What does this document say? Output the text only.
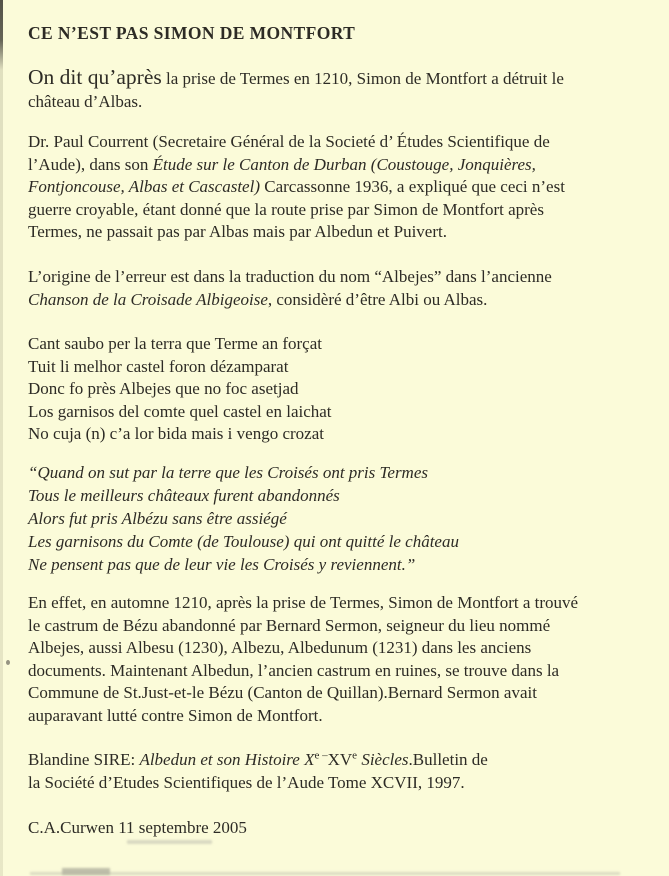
CE N’EST PAS SIMON DE MONTFORT
On dit qu’après la prise de Termes en 1210, Simon de Montfort a détruit le
château d’Albas.
Dr. Paul Courrent (Secretaire Général de la Societé d’ Études Scientifique de
l’Aude), dans son Étude sur le Canton de Durban (Coustouge, Jonquières,
Fontjoncouse, Albas et Cascastel) Carcassonne 1936, a expliqué que ceci n’est
guerre croyable, étant donné que la route prise par Simon de Montfort après
Termes, ne passait pas par Albas mais par Albedun et Puivert.
L’origine de l’erreur est dans la traduction du nom “Albejes” dans l’ancienne
Chanson de la Croisade Albigeoise, considèré d’être Albi ou Albas.
Cant saubo per la terra que Terme an forçat
Tuit li melhor castel foron dézamparat
Donc fo près Albejes que no foc asetjad
Los garnisos del comte quel castel en laichat
No cuja (n) c’a lor bida mais i vengo crozat
“Quand on sut par la terre que les Croisés ont pris Termes
Tous le meilleurs châteaux furent abandonnés
Alors fut pris Albézu sans être assiégé
Les garnisons du Comte (de Toulouse) qui ont quitté le château
Ne pensent pas que de leur vie les Croisés y reviennent.”
En effet, en automne 1210, après la prise de Termes, Simon de Montfort a trouvé
le castrum de Bézu abandonné par Bernard Sermon, seigneur du lieu nommé
Albejes, aussi Albesu (1230), Albezu, Albedunum (1231) dans les anciens
documents. Maintenant Albedun, l’ancien castrum en ruines, se trouve dans la
Commune de St.Just-et-le Bézu (Canton de Quillan).Bernard Sermon avait
auparavant lutté contre Simon de Montfort.
Blandine SIRE: Albedun et son Histoire $X^{e -}XVe$ Siècles.Bulletin de
la Société d’Etudes Scientifiques de l’Aude Tome XCVII, 1997.
C.A.Curwen 11 septembre 2005
